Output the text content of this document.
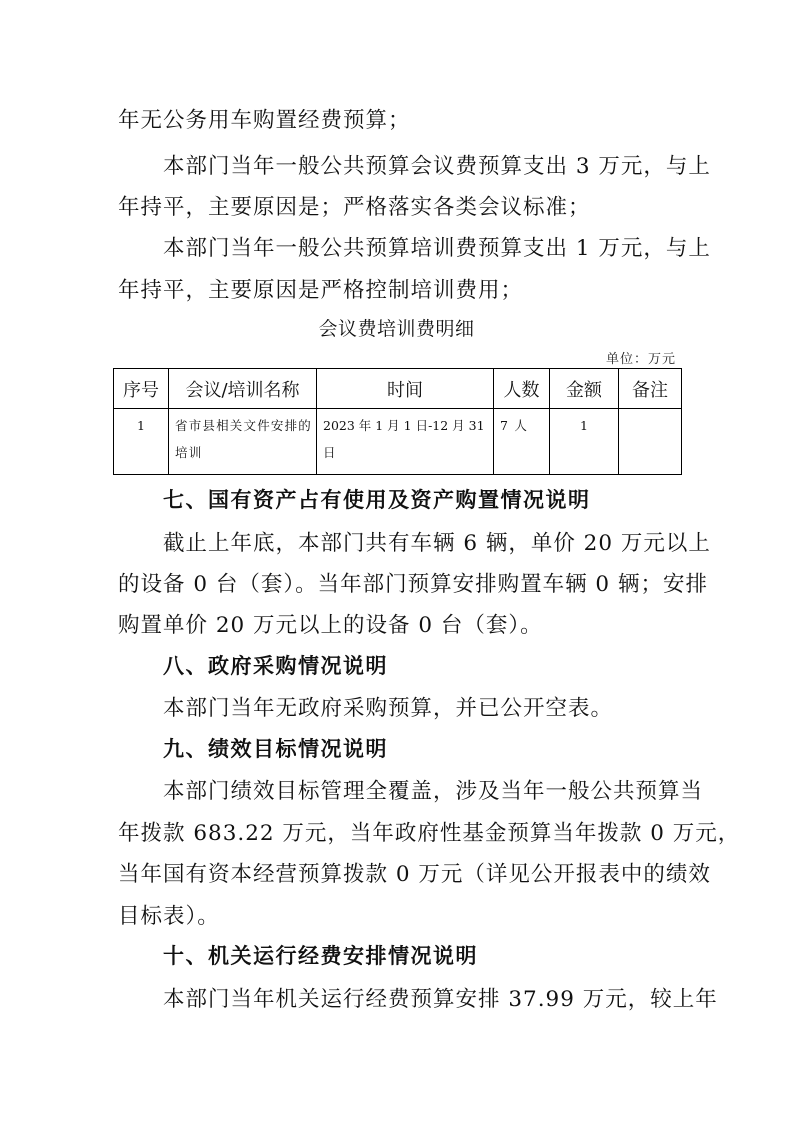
年无公务用车购置经费预算；
本部门当年一般公共预算会议费预算支出 3 万元，与上
年持平，主要原因是；严格落实各类会议标准；
本部门当年一般公共预算培训费预算支出 1 万元，与上
年持平，主要原因是严格控制培训费用；
会议费培训费明细
单位：万元
序号	会议/培训名称	时间	人数	金额	备注
1	省市县相关文件安排的培训	2023 年 1 月 1 日-12 月 31 日	7 人	1	
七、国有资产占有使用及资产购置情况说明
截止上年底，本部门共有车辆 6 辆，单价 20 万元以上
的设备 0 台（套）。当年部门预算安排购置车辆 0 辆；安排
购置单价 20 万元以上的设备 0 台（套）。
八、政府采购情况说明
本部门当年无政府采购预算，并已公开空表。
九、绩效目标情况说明
本部门绩效目标管理全覆盖，涉及当年一般公共预算当
年拨款 683.22 万元，当年政府性基金预算当年拨款 0 万元，
当年国有资本经营预算拨款 0 万元（详见公开报表中的绩效
目标表）。
十、机关运行经费安排情况说明
本部门当年机关运行经费预算安排 37.99 万元，较上年
